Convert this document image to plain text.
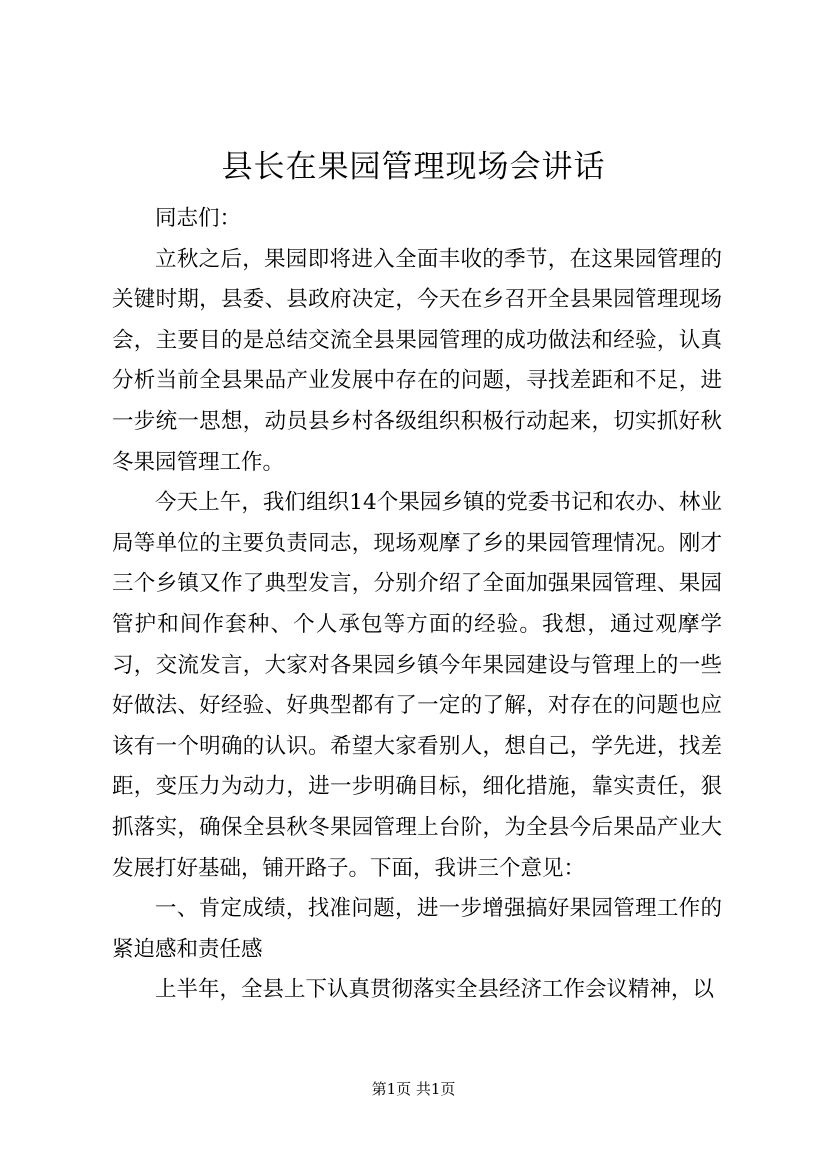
县长在果园管理现场会讲话

同志们：

立秋之后，果园即将进入全面丰收的季节，在这果园管理的关键时期，县委、县政府决定，今天在乡召开全县果园管理现场会，主要目的是总结交流全县果园管理的成功做法和经验，认真分析当前全县果品产业发展中存在的问题，寻找差距和不足，进一步统一思想，动员县乡村各级组织积极行动起来，切实抓好秋冬果园管理工作。

今天上午，我们组织14个果园乡镇的党委书记和农办、林业局等单位的主要负责同志，现场观摩了乡的果园管理情况。刚才三个乡镇又作了典型发言，分别介绍了全面加强果园管理、果园管护和间作套种、个人承包等方面的经验。我想，通过观摩学习，交流发言，大家对各果园乡镇今年果园建设与管理上的一些好做法、好经验、好典型都有了一定的了解，对存在的问题也应该有一个明确的认识。希望大家看别人，想自己，学先进，找差距，变压力为动力，进一步明确目标，细化措施，靠实责任，狠抓落实，确保全县秋冬果园管理上台阶，为全县今后果品产业大发展打好基础，铺开路子。下面，我讲三个意见：

一、肯定成绩，找准问题，进一步增强搞好果园管理工作的紧迫感和责任感

上半年，全县上下认真贯彻落实全县经济工作会议精神，以

第1页 共1页
